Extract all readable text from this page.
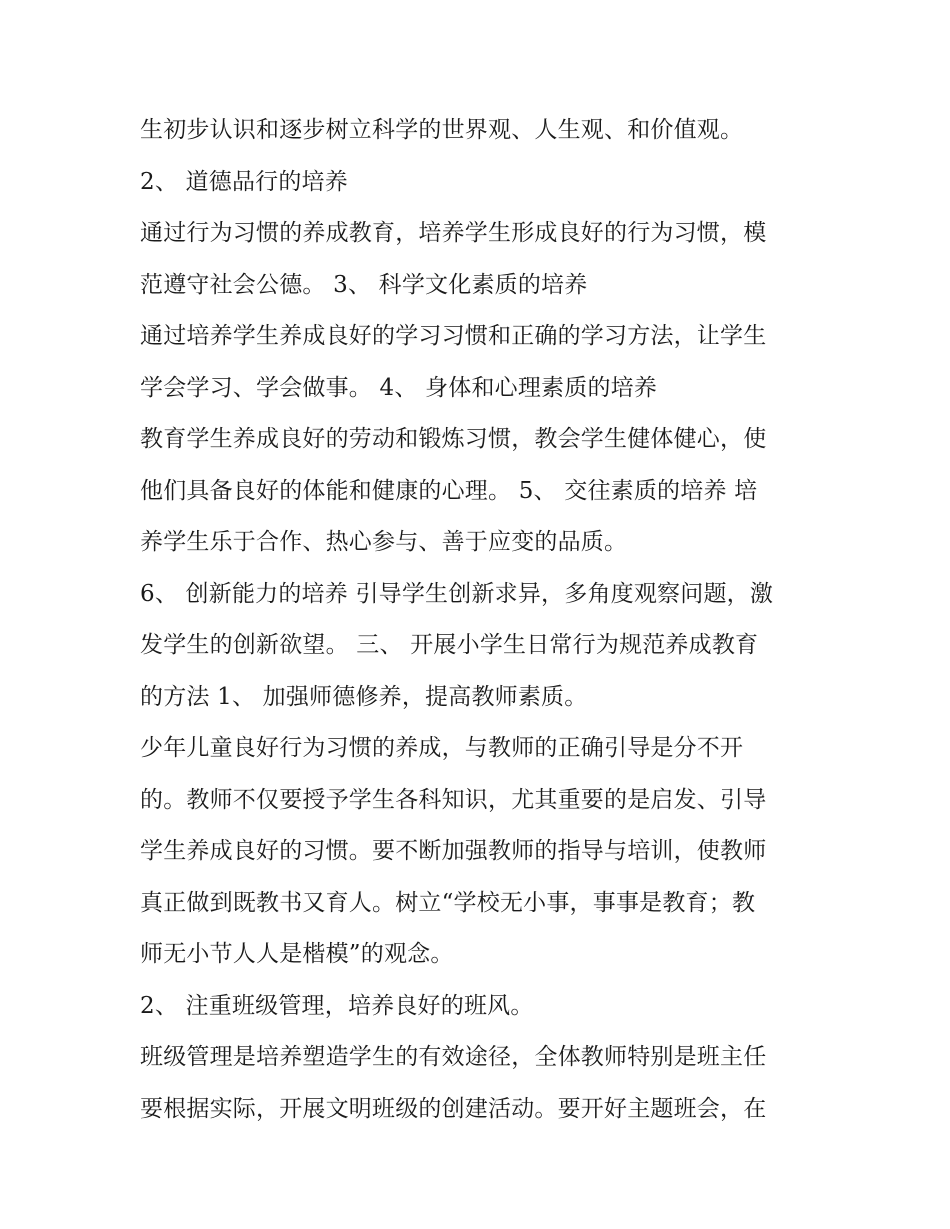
生初步认识和逐步树立科学的世界观、人生观、和价值观。
2、 道德品行的培养
通过行为习惯的养成教育，培养学生形成良好的行为习惯，模
范遵守社会公德。 3、 科学文化素质的培养
通过培养学生养成良好的学习习惯和正确的学习方法，让学生
学会学习、学会做事。 4、 身体和心理素质的培养
教育学生养成良好的劳动和锻炼习惯，教会学生健体健心，使
他们具备良好的体能和健康的心理。 5、 交往素质的培养 培
养学生乐于合作、热心参与、善于应变的品质。
6、 创新能力的培养 引导学生创新求异，多角度观察问题，激
发学生的创新欲望。 三、 开展小学生日常行为规范养成教育
的方法 1、 加强师德修养，提高教师素质。
少年儿童良好行为习惯的养成，与教师的正确引导是分不开
的。教师不仅要授予学生各科知识，尤其重要的是启发、引导
学生养成良好的习惯。要不断加强教师的指导与培训，使教师
真正做到既教书又育人。树立“学校无小事，事事是教育；教
师无小节人人是楷模”的观念。
2、 注重班级管理，培养良好的班风。
班级管理是培养塑造学生的有效途径，全体教师特别是班主任
要根据实际，开展文明班级的创建活动。要开好主题班会，在
